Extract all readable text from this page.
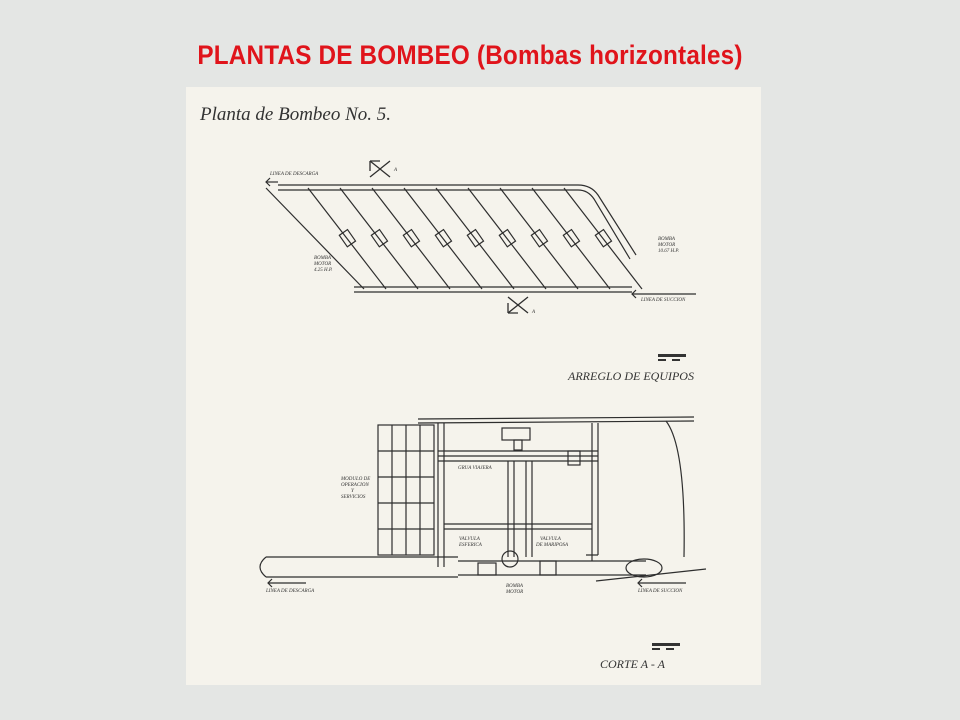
PLANTAS DE BOMBEO (Bombas horizontales)
Planta de Bombeo No. 5.
LINEA DE DESCARGA
LINEA DE SUCCION
A
A
BOMBA
MOTOR
4.25 H.P.
BOMBA
MOTOR
10.67 H.P.
ARREGLO DE EQUIPOS
LINEA DE DESCARGA	LINEA DE SUCCION
GRUA VIAJERA
MODULO DE
OPERACION
Y
SERVICIOS
VALVULA
ESFERICA
VALVULA
DE MARIPOSA
BOMBA
MOTOR
CORTE A - A
